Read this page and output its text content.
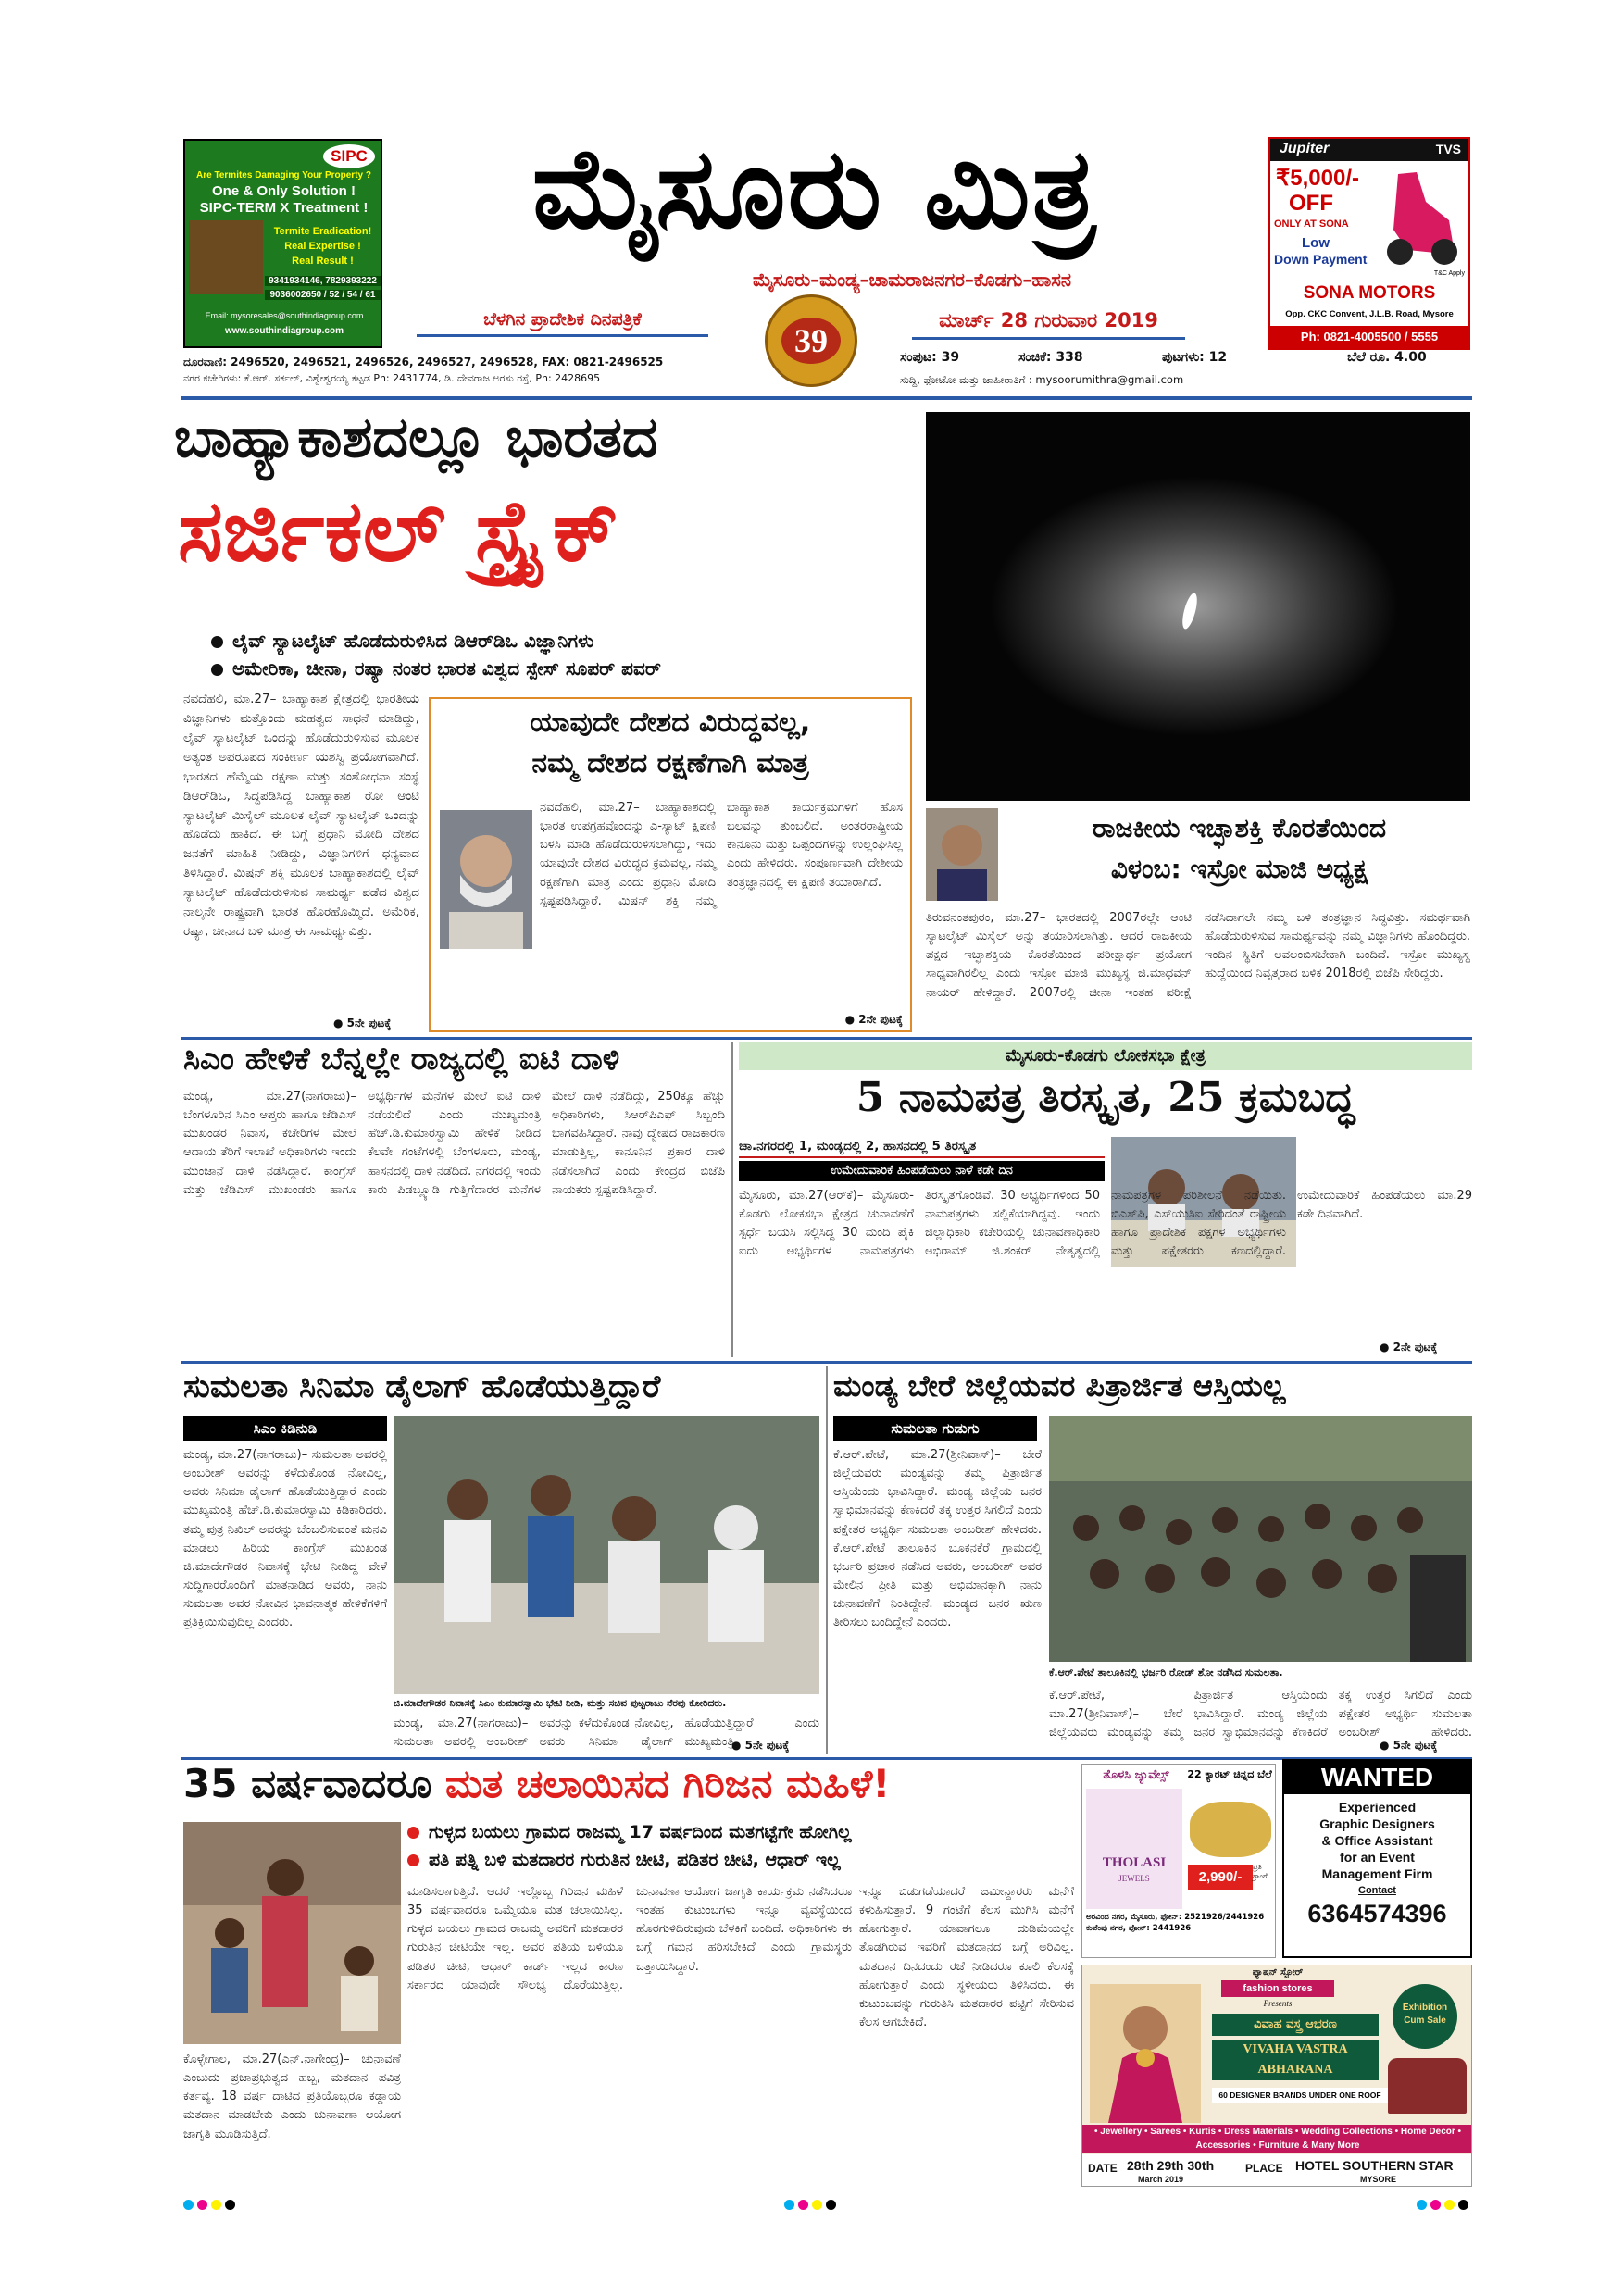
SIPC
Are Termites Damaging Your Property ?
One & Only Solution !
SIPC-TERM X Treatment !
Termite Eradication!
Real Expertise !
Real Result !
9341934146, 7829393222
9036002650 / 52 / 54 / 61
Email: mysoresales@southindiagroup.com
www.southindiagroup.com
ಮೈಸೂರು ಮಿತ್ರ
ಮೈಸೂರು–ಮಂಡ್ಯ–ಚಾಮರಾಜನಗರ–ಕೊಡಗು–ಹಾಸನ
ಬೆಳಗಿನ ಪ್ರಾದೇಶಿಕ ದಿನಪತ್ರಿಕೆ
39
ಮಾರ್ಚ್ 28 ಗುರುವಾರ 2019
Jupiter	TVS
₹5,000/-
OFF
ONLY AT SONA
Low
Down Payment
T&C Apply
SONA MOTORS
Opp. CKC Convent, J.L.B. Road, Mysore
Ph: 0821-4005500 / 5555
ದೂರವಾಣಿ: 2496520, 2496521, 2496526, 2496527, 2496528, FAX: 0821-2496525
ನಗರ ಕಚೇರಿಗಳು: ಕೆ.ಆರ್. ಸರ್ಕಲ್, ವಿಶ್ವೇಶ್ವರಯ್ಯ ಕಟ್ಟಡ Ph: 2431774, ಡಿ. ದೇವರಾಜ ಅರಸು ರಸ್ತೆ, Ph: 2428695
ಸಂಪುಟ: 39	ಸಂಚಿಕೆ: 338	ಪುಟಗಳು: 12	ಬೆಲೆ ರೂ. 4.00
ಸುದ್ದಿ, ಫೋಟೋ ಮತ್ತು ಜಾಹೀರಾತಿಗೆ : mysoorumithra@gmail.com
ಬಾಹ್ಯಾಕಾಶದಲ್ಲೂ ಭಾರತದ
ಸರ್ಜಿಕಲ್ ಸ್ಟ್ರೈಕ್
ಲೈವ್ ಸ್ಯಾಟಲೈಟ್ ಹೊಡೆದುರುಳಿಸಿದ ಡಿಆರ್‌ಡಿಒ ವಿಜ್ಞಾನಿಗಳು
ಅಮೇರಿಕಾ, ಚೀನಾ, ರಷ್ಯಾ ನಂತರ ಭಾರತ ವಿಶ್ವದ ಸ್ಪೇಸ್ ಸೂಪರ್ ಪವರ್
ನವದೆಹಲಿ, ಮಾ.27– ಬಾಹ್ಯಾಕಾಶ ಕ್ಷೇತ್ರದಲ್ಲಿ ಭಾರತೀಯ ವಿಜ್ಞಾನಿಗಳು ಮತ್ತೊಂದು ಮಹತ್ವದ ಸಾಧನೆ ಮಾಡಿದ್ದು, ಲೈವ್ ಸ್ಯಾಟಲೈಟ್ ಒಂದನ್ನು ಹೊಡೆದುರುಳಿಸುವ ಮೂಲಕ ಅತ್ಯಂತ ಅಪರೂಪದ ಸಂಕೀರ್ಣ ಯಶಸ್ವಿ ಪ್ರಯೋಗವಾಗಿದೆ. ಭಾರತದ ಹೆಮ್ಮೆಯ ರಕ್ಷಣಾ ಮತ್ತು ಸಂಶೋಧನಾ ಸಂಸ್ಥೆ ಡಿಆರ್‌ಡಿಒ, ಸಿದ್ಧಪಡಿಸಿದ್ದ ಬಾಹ್ಯಾಕಾಶ ರೋ ಆಂಟಿ ಸ್ಯಾಟಲೈಟ್ ಮಿಸೈಲ್ ಮೂಲಕ ಲೈವ್ ಸ್ಯಾಟಲೈಟ್ ಒಂದನ್ನು ಹೊಡೆದು ಹಾಕಿದೆ. ಈ ಬಗ್ಗೆ ಪ್ರಧಾನಿ ಮೋದಿ ದೇಶದ ಜನತೆಗೆ ಮಾಹಿತಿ ನೀಡಿದ್ದು, ವಿಜ್ಞಾನಿಗಳಿಗೆ ಧನ್ಯವಾದ ತಿಳಿಸಿದ್ದಾರೆ. ಮಿಷನ್ ಶಕ್ತಿ ಮೂಲಕ ಬಾಹ್ಯಾಕಾಶದಲ್ಲಿ ಲೈವ್ ಸ್ಯಾಟಲೈಟ್ ಹೊಡೆದುರುಳಿಸುವ ಸಾಮರ್ಥ್ಯ ಪಡೆದ ವಿಶ್ವದ ನಾಲ್ಕನೇ ರಾಷ್ಟ್ರವಾಗಿ ಭಾರತ ಹೊರಹೊಮ್ಮಿದೆ. ಅಮೆರಿಕ, ರಷ್ಯಾ, ಚೀನಾದ ಬಳಿ ಮಾತ್ರ ಈ ಸಾಮರ್ಥ್ಯವಿತ್ತು.
● 5ನೇ ಪುಟಕ್ಕೆ
ಯಾವುದೇ ದೇಶದ ವಿರುದ್ಧವಲ್ಲ,
ನಮ್ಮ ದೇಶದ ರಕ್ಷಣೆಗಾಗಿ ಮಾತ್ರ
ನವದೆಹಲಿ, ಮಾ.27– ಬಾಹ್ಯಾಕಾಶದಲ್ಲಿ ಭಾರತ ಉಪಗ್ರಹವೊಂದನ್ನು ಎ-ಸ್ಯಾಟ್ ಕ್ಷಿಪಣಿ ಬಳಸಿ ಮಾಡಿ ಹೊಡೆದುರುಳಿಸಲಾಗಿದ್ದು, ಇದು ಯಾವುದೇ ದೇಶದ ವಿರುದ್ಧದ ಕ್ರಮವಲ್ಲ, ನಮ್ಮ ರಕ್ಷಣೆಗಾಗಿ ಮಾತ್ರ ಎಂದು ಪ್ರಧಾನಿ ಮೋದಿ ಸ್ಪಷ್ಟಪಡಿಸಿದ್ದಾರೆ. ಮಿಷನ್ ಶಕ್ತಿ ನಮ್ಮ ಬಾಹ್ಯಾಕಾಶ ಕಾರ್ಯಕ್ರಮಗಳಿಗೆ ಹೊಸ ಬಲವನ್ನು ತುಂಬಲಿದೆ. ಅಂತರರಾಷ್ಟ್ರೀಯ ಕಾನೂನು ಮತ್ತು ಒಪ್ಪಂದಗಳನ್ನು ಉಲ್ಲಂಘಿಸಿಲ್ಲ ಎಂದು ಹೇಳಿದರು. ಸಂಪೂರ್ಣವಾಗಿ ದೇಶೀಯ ತಂತ್ರಜ್ಞಾನದಲ್ಲಿ ಈ ಕ್ಷಿಪಣಿ ತಯಾರಾಗಿದೆ.
● 2ನೇ ಪುಟಕ್ಕೆ
ರಾಜಕೀಯ ಇಚ್ಛಾಶಕ್ತಿ ಕೊರತೆಯಿಂದ
ವಿಳಂಬ: ಇಸ್ರೋ ಮಾಜಿ ಅಧ್ಯಕ್ಷ
ತಿರುವನಂತಪುರಂ, ಮಾ.27– ಭಾರತದಲ್ಲಿ 2007ರಲ್ಲೇ ಆಂಟಿ ಸ್ಯಾಟಲೈಟ್ ಮಿಸೈಲ್ ಅನ್ನು ತಯಾರಿಸಲಾಗಿತ್ತು. ಆದರೆ ರಾಜಕೀಯ ಪಕ್ಷದ ಇಚ್ಛಾಶಕ್ತಿಯ ಕೊರತೆಯಿಂದ ಪರೀಕ್ಷಾರ್ಥ ಪ್ರಯೋಗ ಸಾಧ್ಯವಾಗಿರಲಿಲ್ಲ ಎಂದು ಇಸ್ರೋ ಮಾಜಿ ಮುಖ್ಯಸ್ಥ ಜಿ.ಮಾಧವನ್ ನಾಯರ್ ಹೇಳಿದ್ದಾರೆ. 2007ರಲ್ಲಿ ಚೀನಾ ಇಂತಹ ಪರೀಕ್ಷೆ ನಡೆಸಿದಾಗಲೇ ನಮ್ಮ ಬಳಿ ತಂತ್ರಜ್ಞಾನ ಸಿದ್ಧವಿತ್ತು. ಸಮರ್ಥವಾಗಿ ಹೊಡೆದುರುಳಿಸುವ ಸಾಮರ್ಥ್ಯವನ್ನು ನಮ್ಮ ವಿಜ್ಞಾನಿಗಳು ಹೊಂದಿದ್ದರು. ಇಂದಿನ ಸ್ಥಿತಿಗೆ ಅವಲಂಬಿಸಬೇಕಾಗಿ ಬಂದಿದೆ. ಇಸ್ರೋ ಮುಖ್ಯಸ್ಥ ಹುದ್ದೆಯಿಂದ ನಿವೃತ್ತರಾದ ಬಳಿಕ 2018ರಲ್ಲಿ ಬಿಜೆಪಿ ಸೇರಿದ್ದರು.
ಸಿಎಂ ಹೇಳಿಕೆ ಬೆನ್ನಲ್ಲೇ ರಾಜ್ಯದಲ್ಲಿ ಐಟಿ ದಾಳಿ
ಮಂಡ್ಯ, ಮಾ.27(ನಾಗರಾಜು)– ಬೆಂಗಳೂರಿನ ಸಿಎಂ ಆಪ್ತರು ಹಾಗೂ ಜೆಡಿಎಸ್ ಮುಖಂಡರ ನಿವಾಸ, ಕಚೇರಿಗಳ ಮೇಲೆ ಆದಾಯ ತೆರಿಗೆ ಇಲಾಖೆ ಅಧಿಕಾರಿಗಳು ಇಂದು ಮುಂಜಾನೆ ದಾಳಿ ನಡೆಸಿದ್ದಾರೆ. ಕಾಂಗ್ರೆಸ್ ಮತ್ತು ಜೆಡಿಎಸ್ ಮುಖಂಡರು ಹಾಗೂ ಅಭ್ಯರ್ಥಿಗಳ ಮನೆಗಳ ಮೇಲೆ ಐಟಿ ದಾಳಿ ನಡೆಯಲಿದೆ ಎಂದು ಮುಖ್ಯಮಂತ್ರಿ ಹೆಚ್.ಡಿ.ಕುಮಾರಸ್ವಾಮಿ ಹೇಳಿಕೆ ನೀಡಿದ ಕೆಲವೇ ಗಂಟೆಗಳಲ್ಲಿ ಬೆಂಗಳೂರು, ಮಂಡ್ಯ, ಹಾಸನದಲ್ಲಿ ದಾಳಿ ನಡೆದಿದೆ. ನಗರದಲ್ಲಿ ಇಂದು ಕಾರು ಪಿಡಬ್ಲ್ಯೂಡಿ ಗುತ್ತಿಗೆದಾರರ ಮನೆಗಳ ಮೇಲೆ ದಾಳಿ ನಡೆದಿದ್ದು, 250ಕ್ಕೂ ಹೆಚ್ಚು ಅಧಿಕಾರಿಗಳು, ಸಿಆರ್‌ಪಿಎಫ್ ಸಿಬ್ಬಂದಿ ಭಾಗವಹಿಸಿದ್ದಾರೆ. ನಾವು ದ್ವೇಷದ ರಾಜಕಾರಣ ಮಾಡುತ್ತಿಲ್ಲ, ಕಾನೂನಿನ ಪ್ರಕಾರ ದಾಳಿ ನಡೆಸಲಾಗಿದೆ ಎಂದು ಕೇಂದ್ರದ ಬಿಜೆಪಿ ನಾಯಕರು ಸ್ಪಷ್ಟಪಡಿಸಿದ್ದಾರೆ.
ಮೈಸೂರು-ಕೊಡಗು ಲೋಕಸಭಾ ಕ್ಷೇತ್ರ
5 ನಾಮಪತ್ರ ತಿರಸ್ಕೃತ, 25 ಕ್ರಮಬದ್ಧ
ಚಾ.ನಗರದಲ್ಲಿ 1, ಮಂಡ್ಯದಲ್ಲಿ 2, ಹಾಸನದಲ್ಲಿ 5 ತಿರಸ್ಕೃತ
ಉಮೇದುವಾರಿಕೆ ಹಿಂಪಡೆಯಲು ನಾಳೆ ಕಡೇ ದಿನ
ಮೈಸೂರು, ಮಾ.27(ಆರ್‌ಕೆ)– ಮೈಸೂರು-ಕೊಡಗು ಲೋಕಸಭಾ ಕ್ಷೇತ್ರದ ಚುನಾವಣೆಗೆ ಸ್ಪರ್ಧೆ ಬಯಸಿ ಸಲ್ಲಿಸಿದ್ದ 30 ಮಂದಿ ಪೈಕಿ ಐದು ಅಭ್ಯರ್ಥಿಗಳ ನಾಮಪತ್ರಗಳು ತಿರಸ್ಕೃತಗೊಂಡಿವೆ. 30 ಅಭ್ಯರ್ಥಿಗಳಿಂದ 50 ನಾಮಪತ್ರಗಳು ಸಲ್ಲಿಕೆಯಾಗಿದ್ದವು. ಇಂದು ಜಿಲ್ಲಾಧಿಕಾರಿ ಕಚೇರಿಯಲ್ಲಿ ಚುನಾವಣಾಧಿಕಾರಿ ಅಭಿರಾಮ್ ಜಿ.ಶಂಕರ್ ನೇತೃತ್ವದಲ್ಲಿ ನಾಮಪತ್ರಗಳ ಪರಿಶೀಲನೆ ನಡೆಯಿತು. ಬಿಎಸ್‌ಪಿ, ಎಸ್‌ಯುಸಿಐ ಸೇರಿದಂತೆ ರಾಷ್ಟ್ರೀಯ ಹಾಗೂ ಪ್ರಾದೇಶಿಕ ಪಕ್ಷಗಳ ಅಭ್ಯರ್ಥಿಗಳು ಮತ್ತು ಪಕ್ಷೇತರರು ಕಣದಲ್ಲಿದ್ದಾರೆ. ಉಮೇದುವಾರಿಕೆ ಹಿಂಪಡೆಯಲು ಮಾ.29 ಕಡೇ ದಿನವಾಗಿದೆ.
● 2ನೇ ಪುಟಕ್ಕೆ
ಸುಮಲತಾ ಸಿನಿಮಾ ಡೈಲಾಗ್ ಹೊಡೆಯುತ್ತಿದ್ದಾರೆ
ಸಿಎಂ ಕಿಡಿನುಡಿ
ಮಂಡ್ಯ, ಮಾ.27(ನಾಗರಾಜು)– ಸುಮಲತಾ ಅವರಲ್ಲಿ ಅಂಬರೀಶ್ ಅವರನ್ನು ಕಳೆದುಕೊಂಡ ನೋವಿಲ್ಲ, ಅವರು ಸಿನಿಮಾ ಡೈಲಾಗ್ ಹೊಡೆಯುತ್ತಿದ್ದಾರೆ ಎಂದು ಮುಖ್ಯಮಂತ್ರಿ ಹೆಚ್.ಡಿ.ಕುಮಾರಸ್ವಾಮಿ ಕಿಡಿಕಾರಿದರು. ತಮ್ಮ ಪುತ್ರ ನಿಖಿಲ್ ಅವರನ್ನು ಬೆಂಬಲಿಸುವಂತೆ ಮನವಿ ಮಾಡಲು ಹಿರಿಯ ಕಾಂಗ್ರೆಸ್ ಮುಖಂಡ ಜಿ.ಮಾದೇಗೌಡರ ನಿವಾಸಕ್ಕೆ ಭೇಟಿ ನೀಡಿದ್ದ ವೇಳೆ ಸುದ್ದಿಗಾರರೊಂದಿಗೆ ಮಾತನಾಡಿದ ಅವರು, ನಾನು ಸುಮಲತಾ ಅವರ ನೋವಿನ ಭಾವನಾತ್ಮಕ ಹೇಳಿಕೆಗಳಿಗೆ ಪ್ರತಿಕ್ರಿಯಿಸುವುದಿಲ್ಲ ಎಂದರು.
ಜಿ.ಮಾದೇಗೌಡರ ನಿವಾಸಕ್ಕೆ ಸಿಎಂ ಕುಮಾರಸ್ವಾಮಿ ಭೇಟಿ ನೀಡಿ, ಮತ್ತು ಸಚಿವ ಪುಟ್ಟರಾಜು ನೆರವು ಕೋರಿದರು.
ಮಂಡ್ಯ, ಮಾ.27(ನಾಗರಾಜು)– ಸುಮಲತಾ ಅವರಲ್ಲಿ ಅಂಬರೀಶ್ ಅವರನ್ನು ಕಳೆದುಕೊಂಡ ನೋವಿಲ್ಲ, ಅವರು ಸಿನಿಮಾ ಡೈಲಾಗ್ ಹೊಡೆಯುತ್ತಿದ್ದಾರೆ ಎಂದು ಮುಖ್ಯಮಂತ್ರಿ
● 5ನೇ ಪುಟಕ್ಕೆ
ಮಂಡ್ಯ ಬೇರೆ ಜಿಲ್ಲೆಯವರ ಪಿತ್ರಾರ್ಜಿತ ಆಸ್ತಿಯಲ್ಲ
ಸುಮಲತಾ ಗುಡುಗು
ಕೆ.ಆರ್.ಪೇಟೆ, ಮಾ.27(ಶ್ರೀನಿವಾಸ್)– ಬೇರೆ ಜಿಲ್ಲೆಯವರು ಮಂಡ್ಯವನ್ನು ತಮ್ಮ ಪಿತ್ರಾರ್ಜಿತ ಆಸ್ತಿಯೆಂದು ಭಾವಿಸಿದ್ದಾರೆ. ಮಂಡ್ಯ ಜಿಲ್ಲೆಯ ಜನರ ಸ್ವಾಭಿಮಾನವನ್ನು ಕೆಣಕಿದರೆ ತಕ್ಕ ಉತ್ತರ ಸಿಗಲಿದೆ ಎಂದು ಪಕ್ಷೇತರ ಅಭ್ಯರ್ಥಿ ಸುಮಲತಾ ಅಂಬರೀಶ್ ಹೇಳಿದರು. ಕೆ.ಆರ್.ಪೇಟೆ ತಾಲೂಕಿನ ಬೂಕನಕೆರೆ ಗ್ರಾಮದಲ್ಲಿ ಭರ್ಜರಿ ಪ್ರಚಾರ ನಡೆಸಿದ ಅವರು, ಅಂಬರೀಶ್ ಅವರ ಮೇಲಿನ ಪ್ರೀತಿ ಮತ್ತು ಅಭಿಮಾನಕ್ಕಾಗಿ ನಾನು ಚುನಾವಣೆಗೆ ನಿಂತಿದ್ದೇನೆ. ಮಂಡ್ಯದ ಜನರ ಋಣ ತೀರಿಸಲು ಬಂದಿದ್ದೇನೆ ಎಂದರು.
ಕೆ.ಆರ್.ಪೇಟೆ ತಾಲೂಕಿನಲ್ಲಿ ಭರ್ಜರಿ ರೋಡ್ ಶೋ ನಡೆಸಿದ ಸುಮಲತಾ.
ಕೆ.ಆರ್.ಪೇಟೆ, ಮಾ.27(ಶ್ರೀನಿವಾಸ್)– ಬೇರೆ ಜಿಲ್ಲೆಯವರು ಮಂಡ್ಯವನ್ನು ತಮ್ಮ ಪಿತ್ರಾರ್ಜಿತ ಆಸ್ತಿಯೆಂದು ಭಾವಿಸಿದ್ದಾರೆ. ಮಂಡ್ಯ ಜಿಲ್ಲೆಯ ಜನರ ಸ್ವಾಭಿಮಾನವನ್ನು ಕೆಣಕಿದರೆ ತಕ್ಕ ಉತ್ತರ ಸಿಗಲಿದೆ ಎಂದು ಪಕ್ಷೇತರ ಅಭ್ಯರ್ಥಿ ಸುಮಲತಾ ಅಂಬರೀಶ್ ಹೇಳಿದರು.
● 5ನೇ ಪುಟಕ್ಕೆ
35 ವರ್ಷವಾದರೂ ಮತ ಚಲಾಯಿಸದ ಗಿರಿಜನ ಮಹಿಳೆ!
ಗುಳ್ಳದ ಬಯಲು ಗ್ರಾಮದ ರಾಜಮ್ಮ 17 ವರ್ಷದಿಂದ ಮತಗಟ್ಟೆಗೇ ಹೋಗಿಲ್ಲ
ಪತಿ ಪತ್ನಿ ಬಳಿ ಮತದಾರರ ಗುರುತಿನ ಚೀಟಿ, ಪಡಿತರ ಚೀಟಿ, ಆಧಾರ್ ಇಲ್ಲ
ಕೊಳ್ಳೇಗಾಲ, ಮಾ.27(ಎನ್.ನಾಗೇಂದ್ರ)– ಚುನಾವಣೆ ಎಂಬುದು ಪ್ರಜಾಪ್ರಭುತ್ವದ ಹಬ್ಬ, ಮತದಾನ ಪವಿತ್ರ ಕರ್ತವ್ಯ. 18 ವರ್ಷ ದಾಟಿದ ಪ್ರತಿಯೊಬ್ಬರೂ ಕಡ್ಡಾಯ ಮತದಾನ ಮಾಡಬೇಕು ಎಂದು ಚುನಾವಣಾ ಆಯೋಗ ಜಾಗೃತಿ ಮೂಡಿಸುತ್ತಿದೆ.
ಮಾಡಿಸಲಾಗುತ್ತಿದೆ. ಆದರೆ ಇಲ್ಲೊಬ್ಬ ಗಿರಿಜನ ಮಹಿಳೆ 35 ವರ್ಷವಾದರೂ ಒಮ್ಮೆಯೂ ಮತ ಚಲಾಯಿಸಿಲ್ಲ. ಗುಳ್ಳದ ಬಯಲು ಗ್ರಾಮದ ರಾಜಮ್ಮ ಅವರಿಗೆ ಮತದಾರರ ಗುರುತಿನ ಚೀಟಿಯೇ ಇಲ್ಲ. ಅವರ ಪತಿಯ ಬಳಿಯೂ ಪಡಿತರ ಚೀಟಿ, ಆಧಾರ್ ಕಾರ್ಡ್ ಇಲ್ಲದ ಕಾರಣ ಸರ್ಕಾರದ ಯಾವುದೇ ಸೌಲಭ್ಯ ದೊರೆಯುತ್ತಿಲ್ಲ. ಚುನಾವಣಾ ಆಯೋಗ ಜಾಗೃತಿ ಕಾರ್ಯಕ್ರಮ ನಡೆಸಿದರೂ ಇಂತಹ ಕುಟುಂಬಗಳು ಇನ್ನೂ ವ್ಯವಸ್ಥೆಯಿಂದ ಹೊರಗುಳಿದಿರುವುದು ಬೆಳಕಿಗೆ ಬಂದಿದೆ. ಅಧಿಕಾರಿಗಳು ಈ ಬಗ್ಗೆ ಗಮನ ಹರಿಸಬೇಕಿದೆ ಎಂದು ಗ್ರಾಮಸ್ಥರು ಒತ್ತಾಯಿಸಿದ್ದಾರೆ.
ಇನ್ನೂ ಬಿಡುಗಡೆಯಾದರೆ ಜಮೀನ್ದಾರರು ಮನೆಗೆ ಕಳುಹಿಸುತ್ತಾರೆ. 9 ಗಂಟೆಗೆ ಕೆಲಸ ಮುಗಿಸಿ ಮನೆಗೆ ಹೋಗುತ್ತಾರೆ. ಯಾವಾಗಲೂ ದುಡಿಮೆಯಲ್ಲೇ ತೊಡಗಿರುವ ಇವರಿಗೆ ಮತದಾನದ ಬಗ್ಗೆ ಅರಿವಿಲ್ಲ. ಮತದಾನ ದಿನದಂದು ರಜೆ ನೀಡಿದರೂ ಕೂಲಿ ಕೆಲಸಕ್ಕೆ ಹೋಗುತ್ತಾರೆ ಎಂದು ಸ್ಥಳೀಯರು ತಿಳಿಸಿದರು. ಈ ಕುಟುಂಬವನ್ನು ಗುರುತಿಸಿ ಮತದಾರರ ಪಟ್ಟಿಗೆ ಸೇರಿಸುವ ಕೆಲಸ ಆಗಬೇಕಿದೆ.
ತೊಳಸಿ ಜ್ಯುವೆಲ್ಸ್
THOLASI
JEWELS
22 ಕ್ಯಾರಟ್ ಚಿನ್ನದ ಬೆಲೆ
2,990/-
ಪ್ರತಿ ಗ್ರಾಂಗೆ
ಅರವಿಂದ ನಗರ, ಮೈಸೂರು, ಫೋನ್: 2521926/2441926 ಕುವೆಂಪು ನಗರ, ಫೋನ್: 2441926
WANTED
Experienced
Graphic Designers
& Office Assistant
for an Event
Management Firm
Contact
6364574396
ಫ್ಯಾಷನ್ ಸ್ಟೋರ್
fashion stores
Presents
ವಿವಾಹ ವಸ್ತ್ರ ಆಭರಣ
VIVAHA VASTRA
ABHARANA
Exhibition
Cum Sale
60 DESIGNER BRANDS UNDER ONE ROOF
• Jewellery • Sarees • Kurtis • Dress Materials • Wedding Collections • Home Decor • Accessories • Furniture & Many More
DATE 28th 29th 30th
March 2019
PLACE HOTEL SOUTHERN STAR
MYSORE
